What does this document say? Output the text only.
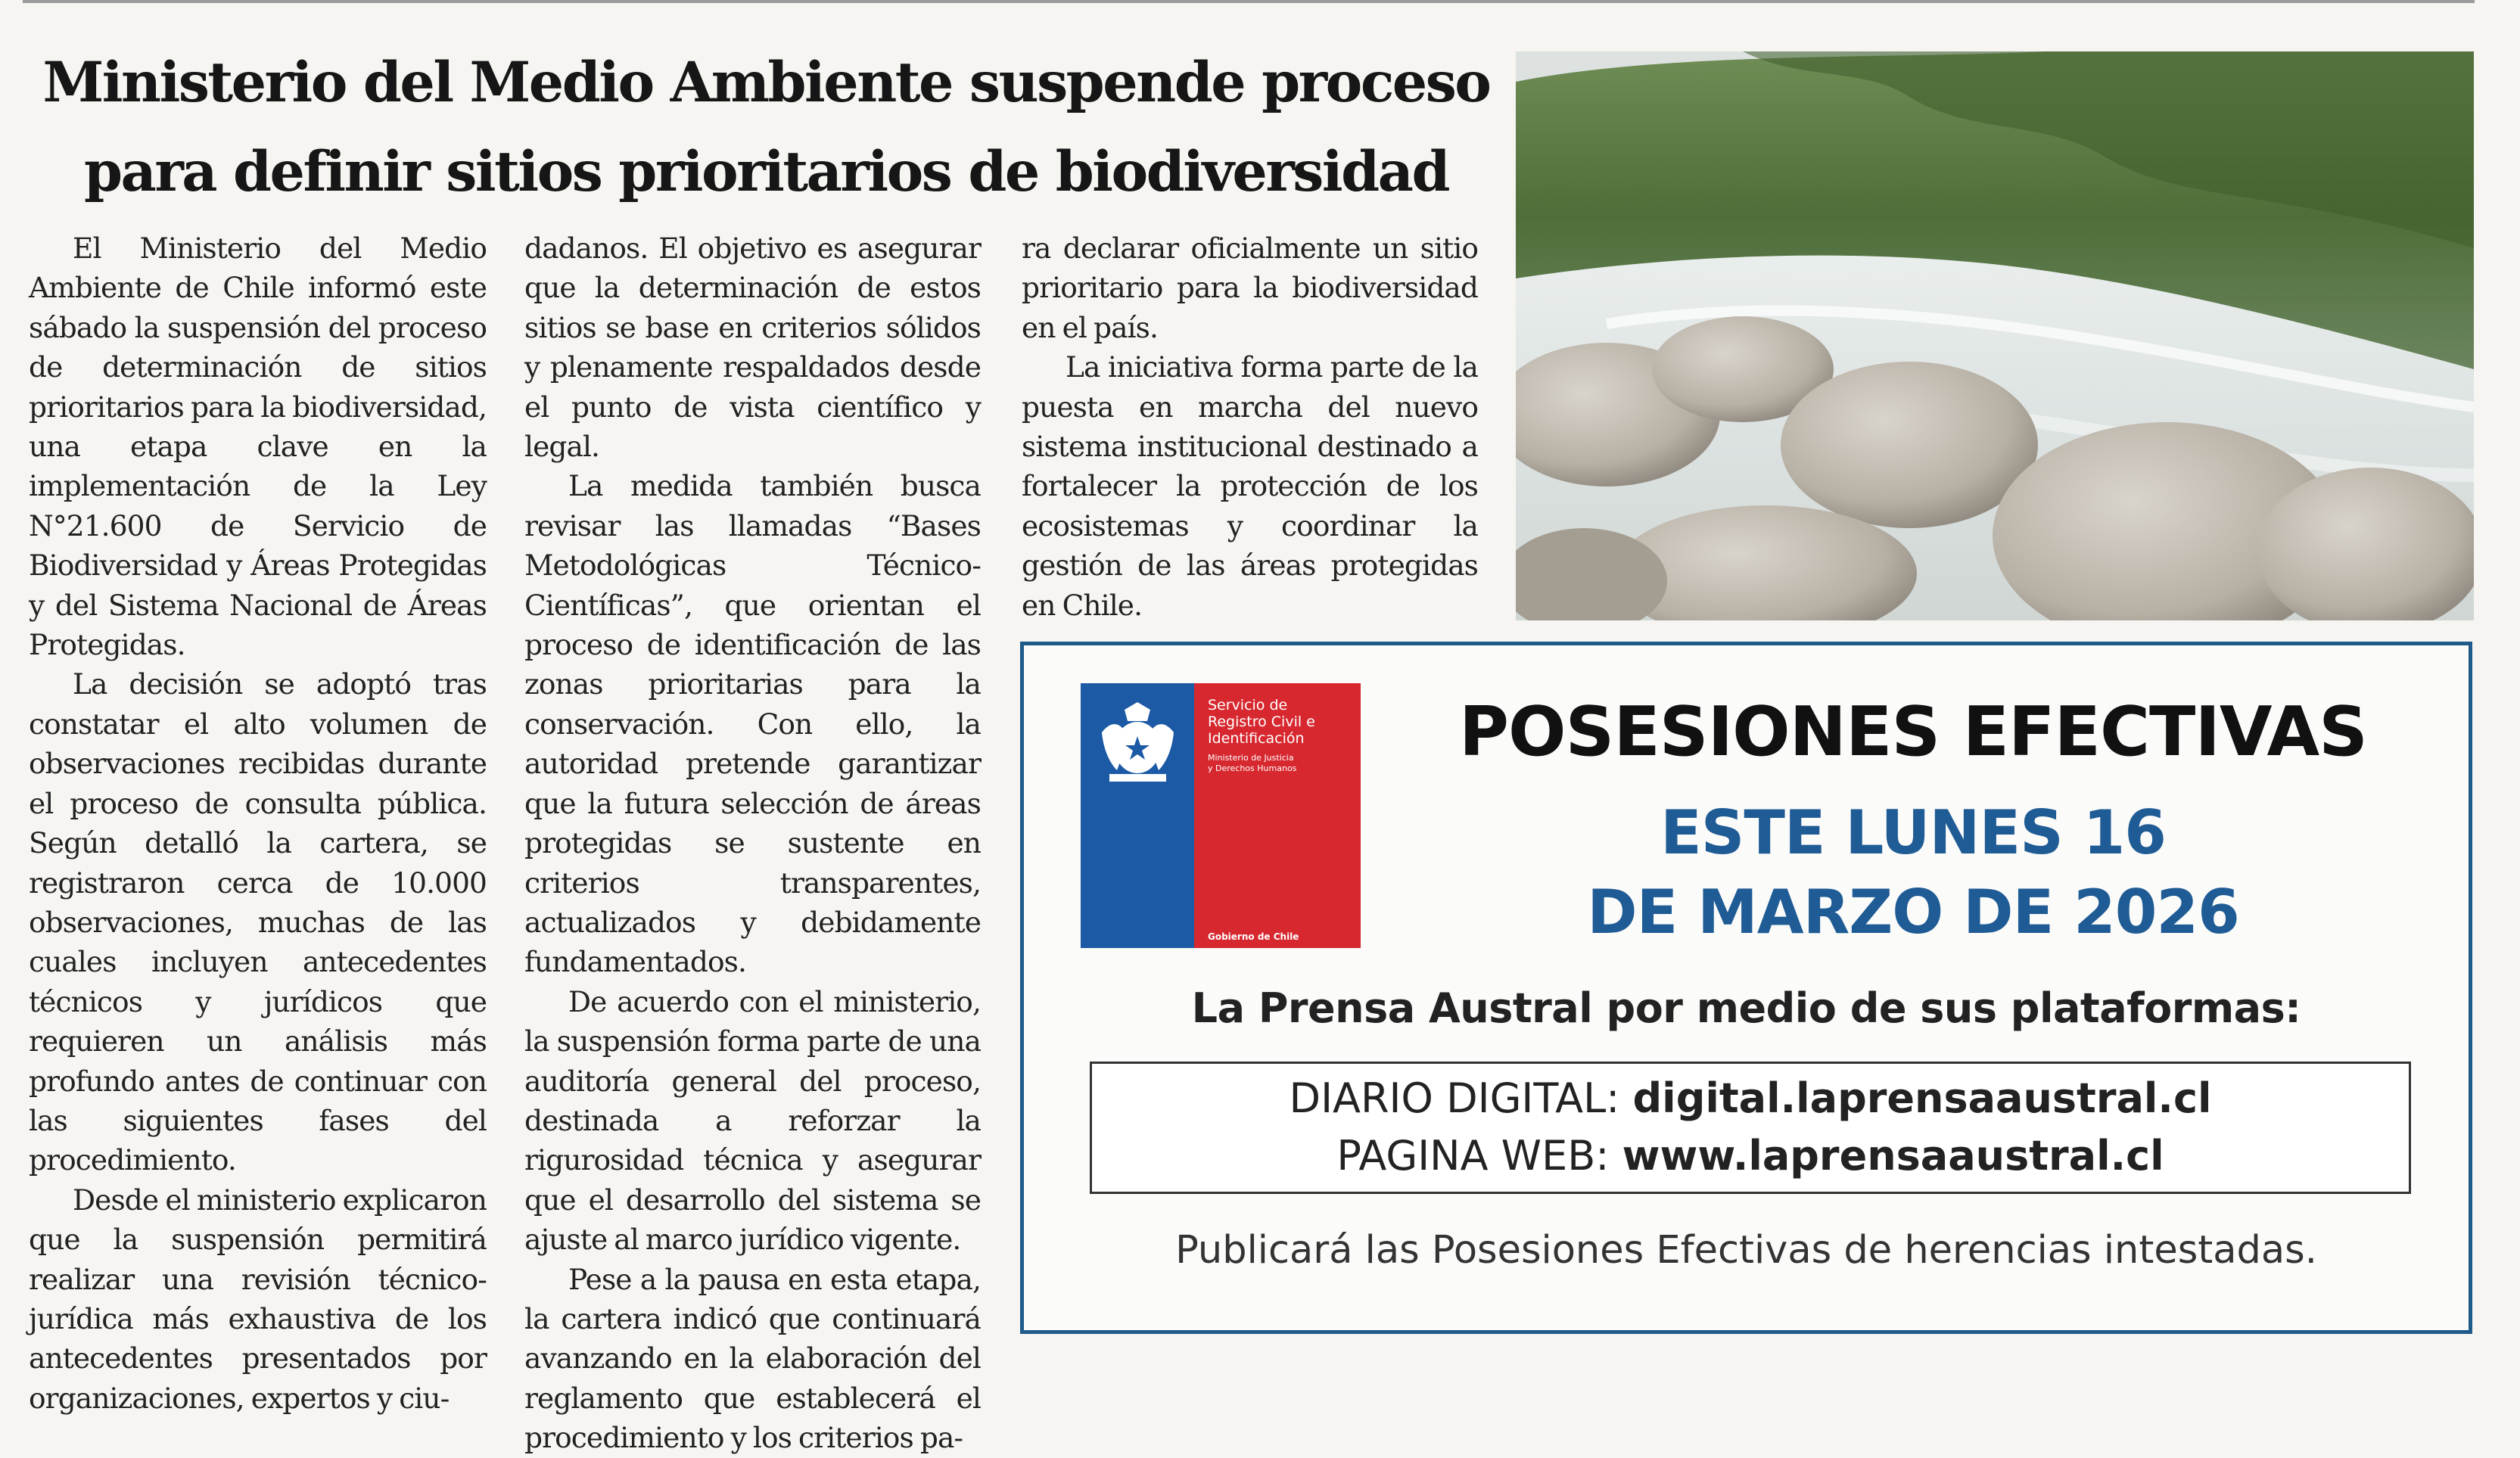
Ministerio del Medio Ambiente suspende proceso
para definir sitios prioritarios de biodiversidad

El Ministerio del Medio Ambiente de Chile informó este sábado la suspensión del proceso de determinación de sitios prioritarios para la biodiversidad, una etapa clave en la implementación de la Ley N°21.600 de Servicio de Biodiversidad y Áreas Protegidas y del Sistema Nacional de Áreas Protegidas.

La decisión se adoptó tras constatar el alto volumen de observaciones recibidas durante el proceso de consulta pública. Según detalló la cartera, se registraron cerca de 10.000 observaciones, muchas de las cuales incluyen antecedentes técnicos y jurídicos que requieren un análisis más profundo antes de continuar con las siguientes fases del procedimiento.

Desde el ministerio explicaron que la suspensión permitirá realizar una revisión técnico-jurídica más exhaustiva de los antecedentes presentados por organizaciones, expertos y ciu-

dadanos. El objetivo es asegurar que la determinación de estos sitios se base en criterios sólidos y plenamente respaldados desde el punto de vista científico y legal.

La medida también busca revisar las llamadas “Bases Metodológicas Técnico-Científicas”, que orientan el proceso de identificación de las zonas prioritarias para la conservación. Con ello, la autoridad pretende garantizar que la futura selección de áreas protegidas se sustente en criterios transparentes, actualizados y debidamente fundamentados.

De acuerdo con el ministerio, la suspensión forma parte de una auditoría general del proceso, destinada a reforzar la rigurosidad técnica y asegurar que el desarrollo del sistema se ajuste al marco jurídico vigente.

Pese a la pausa en esta etapa, la cartera indicó que continuará avanzando en la elaboración del reglamento que establecerá el procedimiento y los criterios pa-

ra declarar oficialmente un sitio prioritario para la biodiversidad en el país.

La iniciativa forma parte de la puesta en marcha del nuevo sistema institucional destinado a fortalecer la protección de los ecosistemas y coordinar la gestión de las áreas protegidas en Chile.

Servicio de
Registro Civil e
Identificación
Ministerio de Justicia
y Derechos Humanos
Gobierno de Chile
POSESIONES EFECTIVAS
ESTE LUNES 16
DE MARZO DE 2026
La Prensa Austral por medio de sus plataformas:
DIARIO DIGITAL: digital.laprensaaustral.cl
PAGINA WEB: www.laprensaaustral.cl
Publicará las Posesiones Efectivas de herencias intestadas.
